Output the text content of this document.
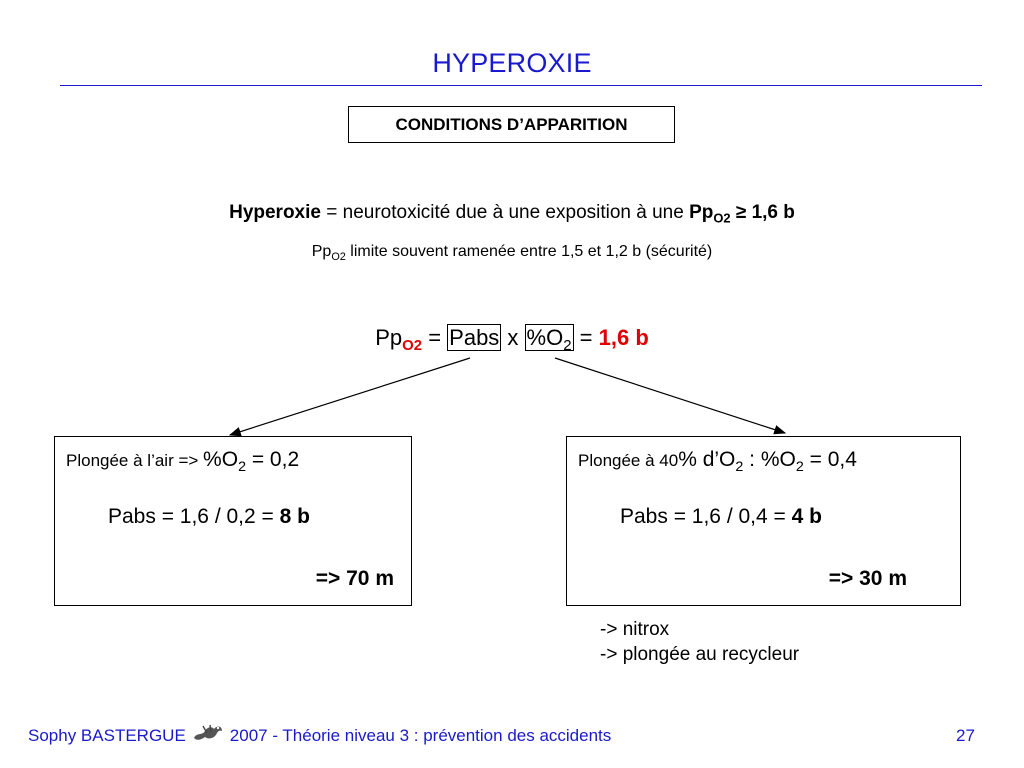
HYPEROXIE
CONDITIONS D’APPARITION
Hyperoxie = neurotoxicité due à une exposition à une $Pp_{O2} \ge 1,6$ b
$Pp_{O2}$ limite souvent ramenée entre 1,5 et 1,2 b (sécurité)
$Pp_{O2}$ = Pabs x $\%O_2 = 1,6$ b
Plongée à l’air => $\%O_2 = 0,2$
Pabs = 1,6 / 0,2 = 8 b
=> 70 m
Plongée à 40% $d’O_2$ : $\%O_2 = 0,4$
Pabs = 1,6 / 0,4 = 4 b
=> 30 m
-> nitrox
-> plongée au recycleur
Sophy BASTERGUE	2007 - Théorie niveau 3 : prévention des accidents	27
